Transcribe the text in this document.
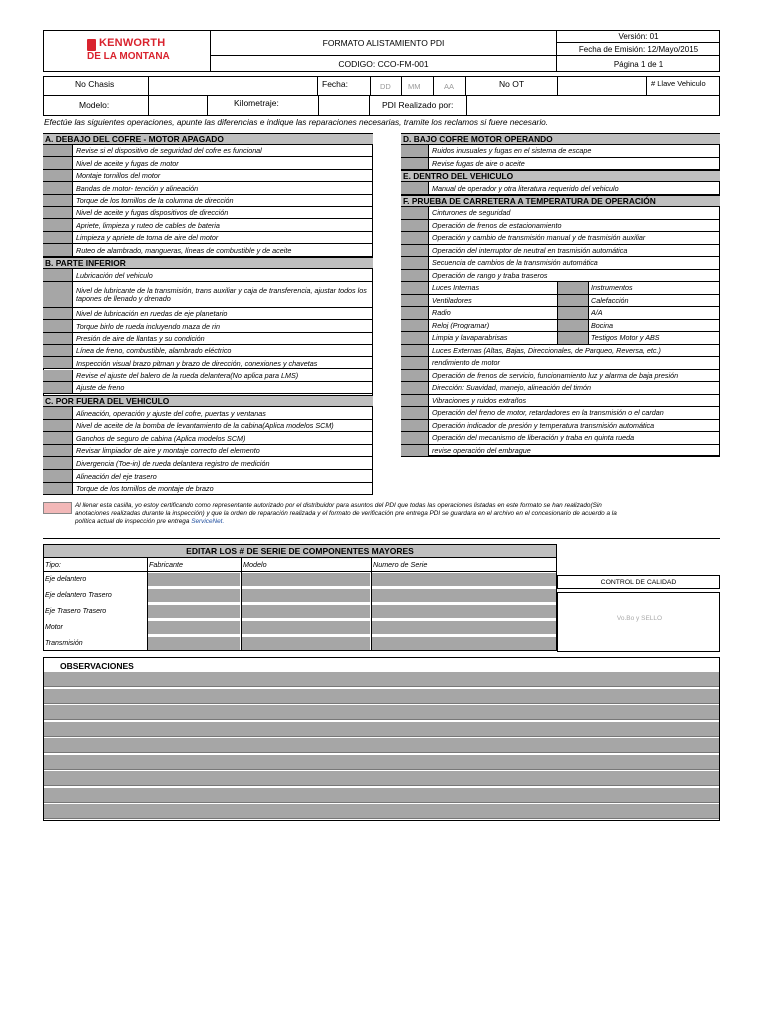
KENWORTH
DE LA MONTANA
FORMATO ALISTAMIENTO PDI
CODIGO: CCO-FM-001
Versión: 01
Fecha de Emisión: 12/Mayo/2015
Página 1 de 1
No Chasis	Fecha:	DD MM	AA	No OT	# Llave Vehiculo
Modelo:	Kilometraje:	PDI Realizado por:
Efectúe las siguientes operaciones, apunte las diferencias e indique las reparaciones necesarias, tramite los reclamos si fuere necesario.
A. DEBAJO DEL COFRE - MOTOR APAGADO
B. PARTE INFERIOR
C. POR FUERA DEL VEHICULO
Revise si el dispositivo de seguridad del cofre es funcional
Nivel de aceite y fugas de motor
Montaje tornillos del motor
Bandas de motor- tención y alineación
Torque de los tornillos de la columna de dirección
Nivel de aceite y fugas dispositivos de dirección
Apriete, limpieza y ruteo de cables de bateria
Limpieza y apriete de toma de aire del motor
Ruteo de alambrado, mangueras, líneas de combustible y de aceite
Lubricación del vehiculo
Nivel de lubricante de la transmisión, trans auxiliar y caja de transferencia, ajustar todos los tapones de llenado y drenado
Nivel de lubricación en ruedas de eje planetario
Torque birlo de rueda incluyendo maza de rin
Presión de aire de llantas y su condición
Línea de freno, combustible, alambrado eléctrico
Inspección visual brazo pitman y brazo de dirección, conexiones y chavetas
Revise el ajuste del balero de la rueda delantera(No aplica para LMS)
Ajuste de freno
Alineación, operación y ajuste del cofre, puertas y ventanas
Nivel de aceite de la bomba de levantamiento de la cabina(Aplica modelos SCM)
Ganchos de seguro de cabina (Aplica modelos SCM)
Revisar limpiador de aire y montaje correcto del elemento
Divergencia (Toe-in) de rueda delantera registro de medición
Alineación del eje trasero
Torque de los tornillos de montaje de brazo
D. BAJO COFRE MOTOR OPERANDO
E. DENTRO DEL VEHICULO
F. PRUEBA DE CARRETERA A TEMPERATURA DE OPERACIÓN
Ruidos inusuales y fugas en el sistema de escape
Revise fugas de aire o aceite
Manual de operador y otra literatura requerido del vehiculo
Cinturones de seguridad
Operación de frenos de estacionamiento
Operación y cambio de transmisión manual y de trasmisión auxiliar
Operación del interruptor de neutral en trasmisión automática
Secuencia de cambios de la transmisión automática
Operación de rango y traba traseros
Luces Internas	Instrumentos
Ventiladores	Calefacción
Radio	A/A
Reloj (Programar)	Bocina
Limpia y lavaparabrisas	Testigos Motor y ABS
Luces Externas (Altas, Bajas, Direccionales, de Parqueo, Reversa, etc.)
rendimiento de motor
Operación de frenos de servicio, funcionamiento luz y alarma de baja presión
Dirección: Suavidad, manejo, alineación del timón
Vibraciones y ruidos extraños
Operación del freno de motor, retardadores en la transmisión o el cardan
Operación indicador de presión y temperatura transmisión automática
Operación del mecanismo de liberación y traba en quinta rueda
revise operación del embrague
Al llenar esta casilla, yo estoy certificando como representante autorizado por el distribuidor para asuntos del PDI que todas las operaciones listadas en este formato se han realizado(Sin
anotaciones realizadas durante la inspección) y que la orden de reparación realizada y el formato de verificación pre entrega PDI se guardara en el archivo en el concesionario de acuerdo a la
política actual de inspección pre entrega ServiceNet.
EDITAR LOS # DE SERIE DE COMPONENTES MAYORES
Tipo:	Fabricante	Modelo	Numero de Serie
Eje delantero
Eje delantero Trasero
Eje Trasero Trasero
Motor
Transmisión
CONTROL DE CALIDAD
Vo.Bo y SELLO
OBSERVACIONES
